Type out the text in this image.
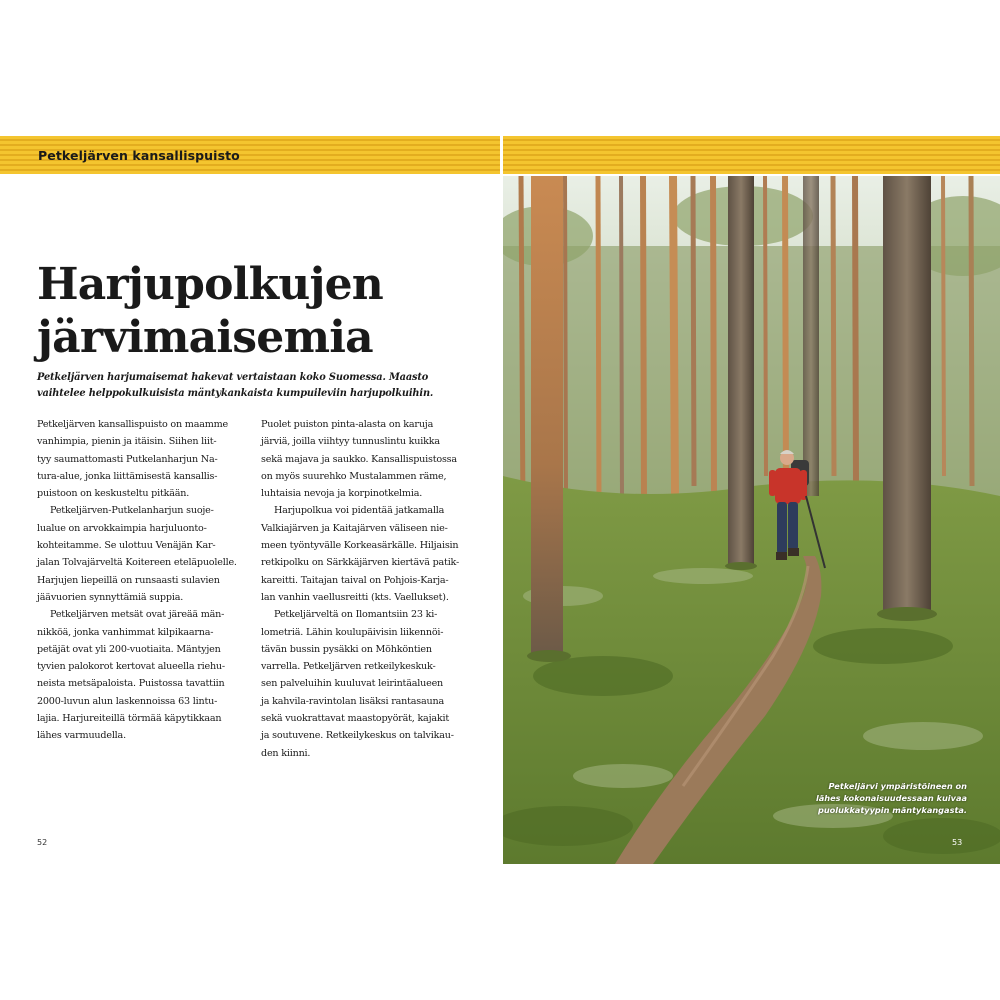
Petkeljärven kansallispuisto
Harjupolkujen
järvimaisemia

Petkeljärven harjumaisemat hakevat vertaistaan koko Suomessa. Maasto
vaihtelee helppokulkuisista mäntykankaista kumpuileviin harjupolkuihin.

Petkeljärven kansallispuisto on maamme
vanhimpia, pienin ja itäisin. Siihen liit-
tyy saumattomasti Putkelanharjun Na-
tura-alue, jonka liittämisestä kansallis-
puistoon on keskusteltu pitkään.
Petkeljärven-Putkelanharjun suoje-
lualue on arvokkaimpia harjuluonto-
kohteitamme. Se ulottuu Venäjän Kar-
jalan Tolvajärveltä Koitereen eteläpuolelle.
Harjujen liepeillä on runsaasti sulavien
jäävuorien synnyttämiä suppia.
Petkeljärven metsät ovat järeää män-
nikköä, jonka vanhimmat kilpikaarna-
petäjät ovat yli 200-vuotiaita. Mäntyjen
tyvien palokorot kertovat alueella riehu-
neista metsäpaloista. Puistossa tavattiin
2000-luvun alun laskennoissa 63 lintu-
lajia. Harjureiteillä törmää käpytikkaan
lähes varmuudella.
Puolet puiston pinta-alasta on karuja
järviä, joilla viihtyy tunnuslintu kuikka
sekä majava ja saukko. Kansallispuistossa
on myös suurehko Mustalammen räme,
luhtaisia nevoja ja korpinotkelmia.
Harjupolkua voi pidentää jatkamalla
Valkiajärven ja Kaitajärven väliseen nie-
meen työntyvälle Korkeasärkälle. Hiljaisin
retkipolku on Särkkäjärven kiertävä patik-
kareitti. Taitajan taival on Pohjois-Karja-
lan vanhin vaellusreitti (kts. Vaellukset).
Petkeljärveltä on Ilomantsiin 23 ki-
lometriä. Lähin koulupäivisin liikennöi-
tävän bussin pysäkki on Möhköntien
varrella. Petkeljärven retkeilykeskuk-
sen palveluihin kuuluvat leirintäalueen
ja kahvila-ravintolan lisäksi rantasauna
sekä vuokrattavat maastopyörät, kajakit
ja soutuvene. Retkeilykeskus on talvikau-
den kiinni.
52
Petkeljärvi ympäristöineen on
lähes kokonaisuudessaan kuivaa
puolukkatyypin mäntykangasta.
53
